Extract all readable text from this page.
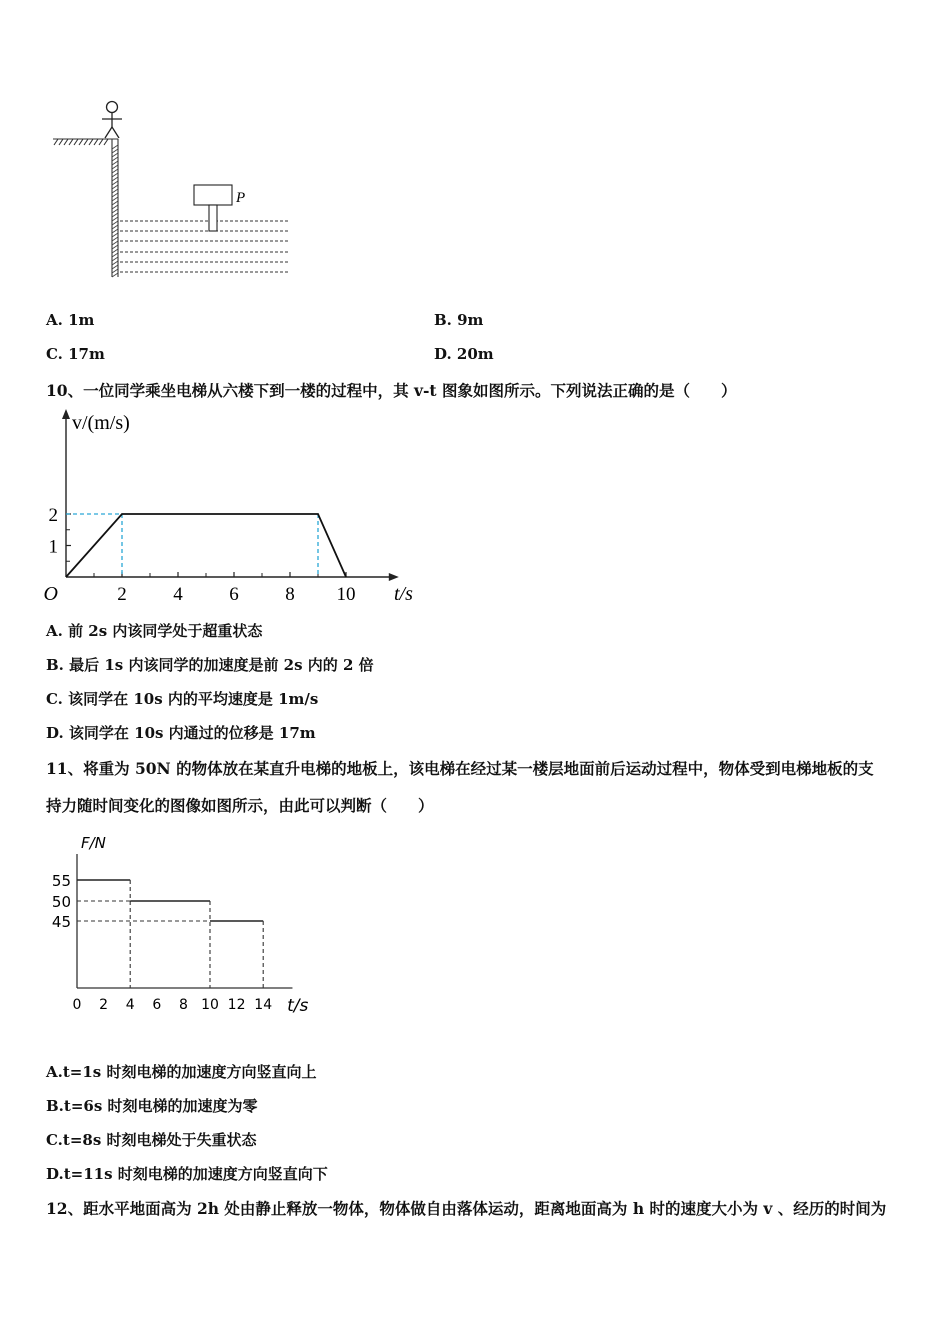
P
A. 1m	B. 9m
C. 17m	D. 20m
10、一位同学乘坐电梯从六楼下到一楼的过程中，其 v-t 图象如图所示。下列说法正确的是（　　）
2 4 6 8 10
1
2
O
v/(m/s)
t/s
A. 前 2s 内该同学处于超重状态
B. 最后 1s 内该同学的加速度是前 2s 内的 2 倍
C. 该同学在 10s 内的平均速度是 1m/s
D. 该同学在 10s 内通过的位移是 17m
11、将重为 50N 的物体放在某直升电梯的地板上，该电梯在经过某一楼层地面前后运动过程中，物体受到电梯地板的支
持力随时间变化的图像如图所示，由此可以判断（　　）
F/N
45
50
55
0 2 4 6 8 10 12 14 t/s
A.t=1s 时刻电梯的加速度方向竖直向上
B.t=6s 时刻电梯的加速度为零
C.t=8s 时刻电梯处于失重状态
D.t=11s 时刻电梯的加速度方向竖直向下
12、距水平地面高为 2h 处由静止释放一物体，物体做自由落体运动，距离地面高为 h 时的速度大小为 v 、经历的时间为
